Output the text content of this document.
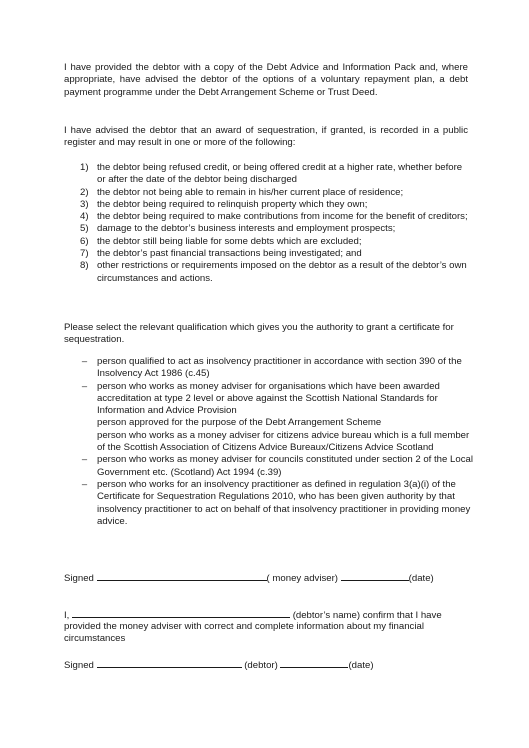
I have provided the debtor with a copy of the Debt Advice and Information Pack and, where appropriate, have advised the debtor of the options of a voluntary repayment plan, a debt payment programme under the Debt Arrangement Scheme or Trust Deed.

I have advised the debtor that an award of sequestration, if granted, is recorded in a public register and may result in one or more of the following:

1) the debtor being refused credit, or being offered credit at a higher rate, whether before or after the date of the debtor being discharged
2) the debtor not being able to remain in his/her current place of residence;
3) the debtor being required to relinquish property which they own;
4) the debtor being required to make contributions from income for the benefit of creditors;
5) damage to the debtor’s business interests and employment prospects;
6) the debtor still being liable for some debts which are excluded;
7) the debtor’s past financial transactions being investigated; and
8) other restrictions or requirements imposed on the debtor as a result of the debtor’s own circumstances and actions.

Please select the relevant qualification which gives you the authority to grant a certificate for sequestration.

_ person qualified to act as insolvency practitioner in accordance with section 390 of the Insolvency Act 1986 (c.45)
_ person who works as money adviser for organisations which have been awarded accreditation at type 2 level or above against the Scottish National Standards for Information and Advice Provision
person approved for the purpose of the Debt Arrangement Scheme
person who works as a money adviser for citizens advice bureau which is a full member of the Scottish Association of Citizens Advice Bureaux/Citizens Advice Scotland
_ person who works as money adviser for councils constituted under section 2 of the Local Government etc. (Scotland) Act 1994 (c.39)
_ person who works for an insolvency practitioner as defined in regulation 3(a)(i) of the Certificate for Sequestration Regulations 2010, who has been given authority by that insolvency practitioner to act on behalf of that insolvency practitioner in providing money advice.
Signed	( money adviser)	(date)
I,	(debtor’s name) confirm that I have

provided the money adviser with correct and complete information about my financial circumstances

Signed	(debtor)	(date)
